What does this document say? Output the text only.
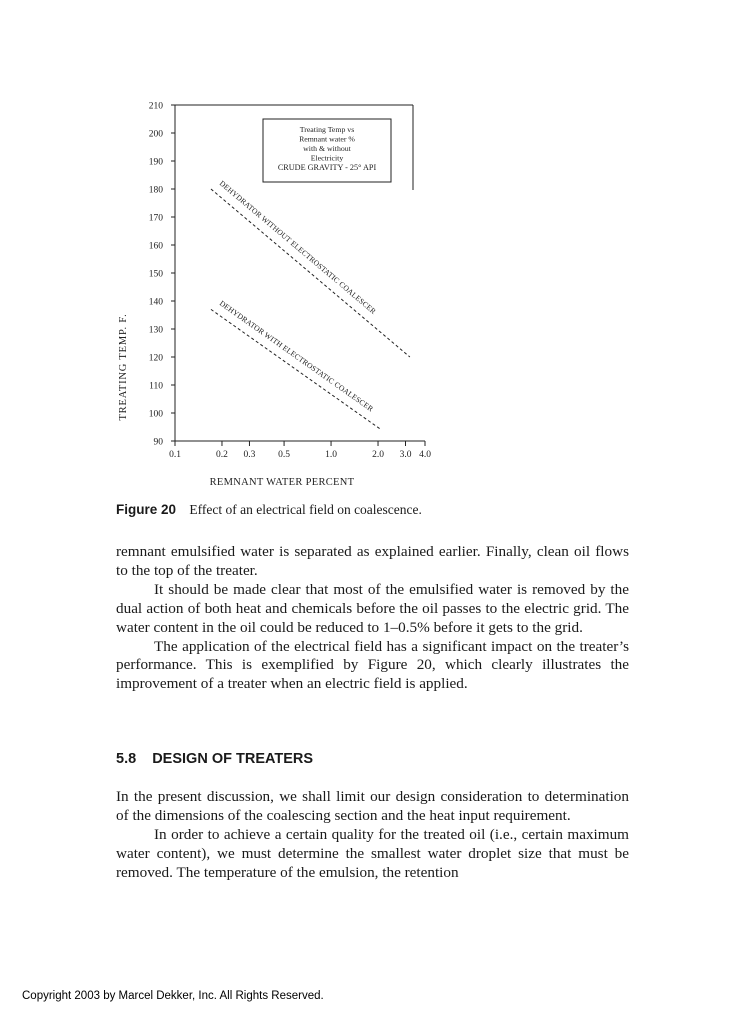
210
200
190
180
170
160
150
140
130
120
110
100
90
0.1	0.2 0.3 0.5	1.0	2.0 3.0 4.0
DEHYDRATOR WITHOUT ELECTROSTATIC COALESCER
DEHYDRATOR WITH ELECTROSTATIC COALESCER
Treating Temp vs
Remnant water %
with & without
Electricity
CRUDE GRAVITY - 25° API
TREATING TEMP. F.
REMNANT WATER PERCENT
Figure 20 Effect of an electrical field on coalescence.

remnant emulsified water is separated as explained earlier. Finally, clean oil flows to the top of the treater.

It should be made clear that most of the emulsified water is removed by the dual action of both heat and chemicals before the oil passes to the electric grid. The water content in the oil could be reduced to 1–0.5% before it gets to the grid.

The application of the electrical field has a significant impact on the treater’s performance. This is exemplified by Figure 20, which clearly illustrates the improvement of a treater when an electric field is applied.

5.8 DESIGN OF TREATERS

In the present discussion, we shall limit our design consideration to determination of the dimensions of the coalescing section and the heat input requirement.

In order to achieve a certain quality for the treated oil (i.e., certain maximum water content), we must determine the smallest water droplet size that must be removed. The temperature of the emulsion, the retention

Copyright 2003 by Marcel Dekker, Inc. All Rights Reserved.
